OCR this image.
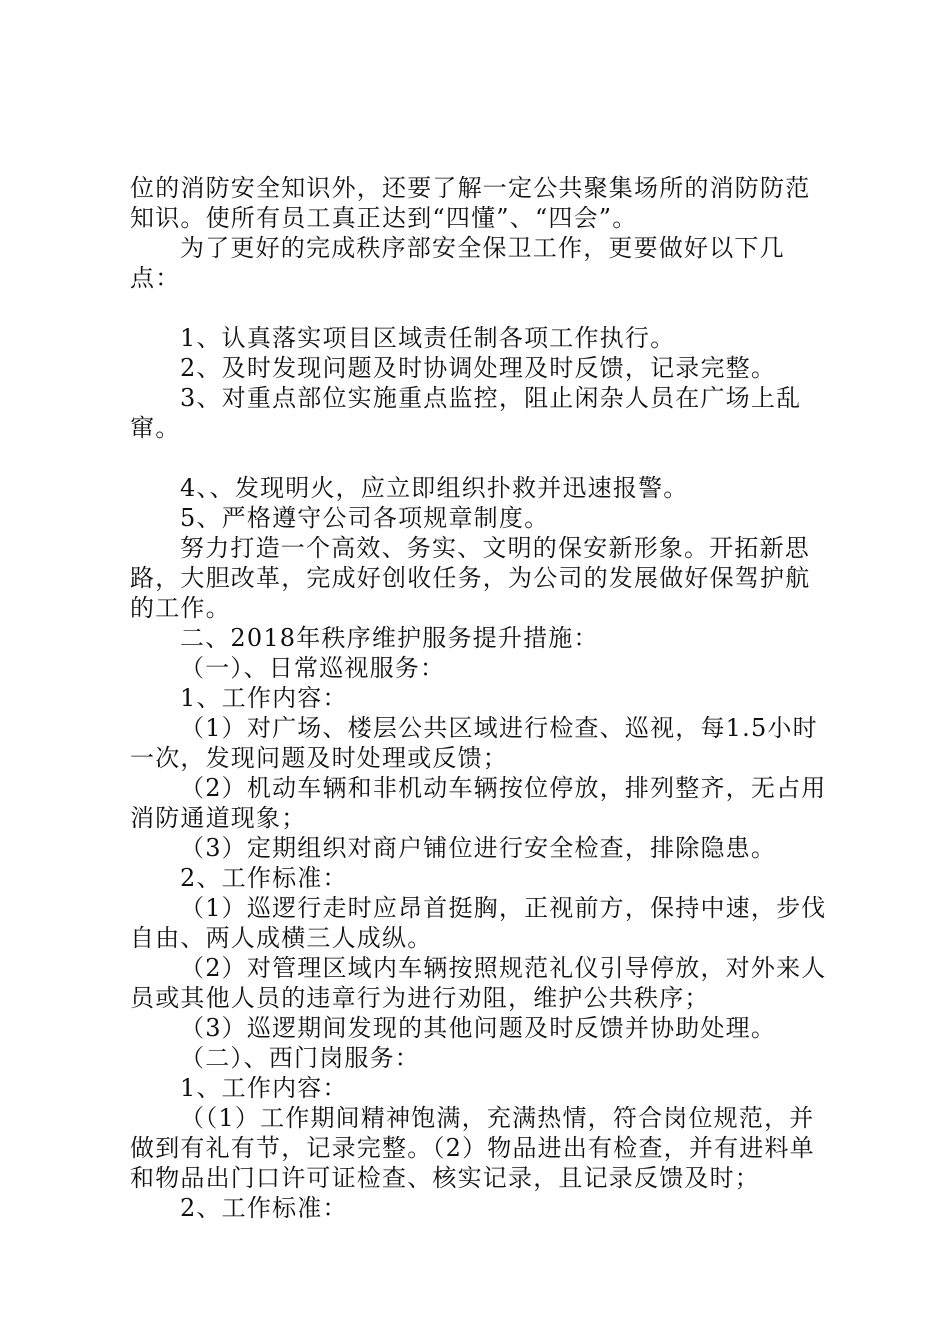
位的消防安全知识外，还要了解一定公共聚集场所的消防防范知识。使所有员工真正达到“四懂”、“四会”。

为了更好的完成秩序部安全保卫工作，更要做好以下几点：

1、认真落实项目区域责任制各项工作执行。

2、及时发现问题及时协调处理及时反馈，记录完整。

3、对重点部位实施重点监控，阻止闲杂人员在广场上乱窜。

4、、发现明火，应立即组织扑救并迅速报警。

5、严格遵守公司各项规章制度。

努力打造一个高效、务实、文明的保安新形象。开拓新思路，大胆改革，完成好创收任务，为公司的发展做好保驾护航的工作。

二、2018年秩序维护服务提升措施：

（一）、日常巡视服务：

1、工作内容：

（1）对广场、楼层公共区域进行检查、巡视，每1.5小时一次，发现问题及时处理或反馈；

（2）机动车辆和非机动车辆按位停放，排列整齐，无占用消防通道现象；

（3）定期组织对商户铺位进行安全检查，排除隐患。

2、工作标准：

（1）巡逻行走时应昂首挺胸，正视前方，保持中速，步伐自由、两人成横三人成纵。

（2）对管理区域内车辆按照规范礼仪引导停放，对外来人员或其他人员的违章行为进行劝阻，维护公共秩序；

（3）巡逻期间发现的其他问题及时反馈并协助处理。

（二）、西门岗服务：

1、工作内容：

（（1）工作期间精神饱满，充满热情，符合岗位规范，并做到有礼有节，记录完整。（2）物品进出有检查，并有进料单和物品出门口许可证检查、核实记录，且记录反馈及时；

2、工作标准：
